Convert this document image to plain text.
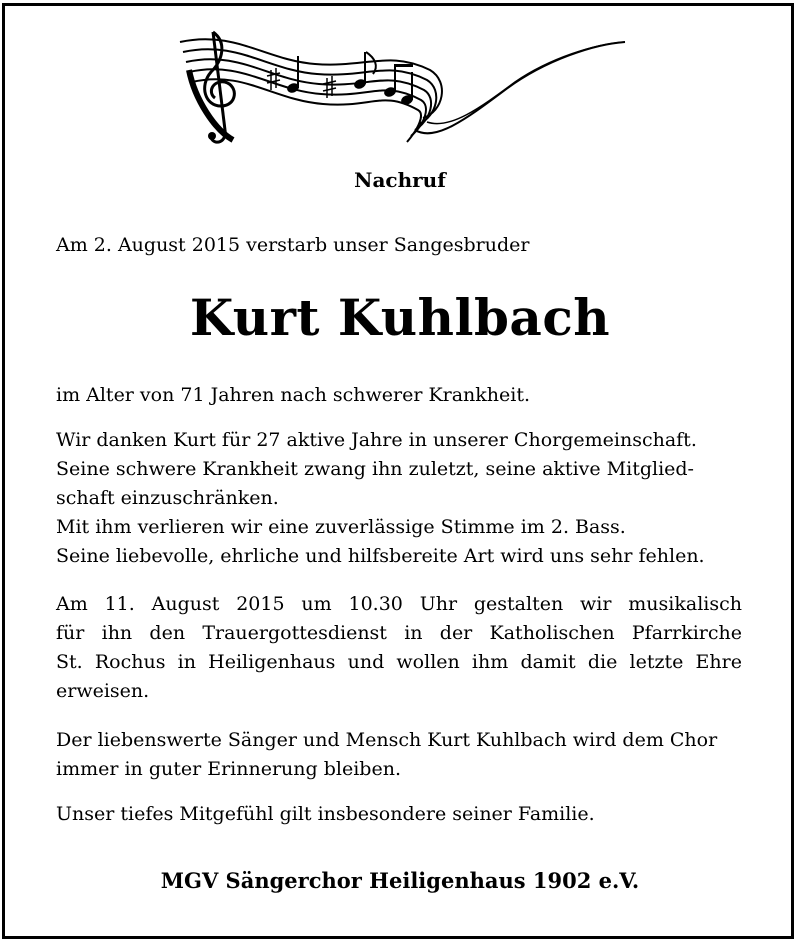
Nachruf
Am 2. August 2015 verstarb unser Sangesbruder
Kurt Kuhlbach
im Alter von 71 Jahren nach schwerer Krankheit.
Wir danken Kurt für 27 aktive Jahre in unserer Chorgemeinschaft.
Seine schwere Krankheit zwang ihn zuletzt, seine aktive Mitglied-
schaft einzuschränken.
Mit ihm verlieren wir eine zuverlässige Stimme im 2. Bass.
Seine liebevolle, ehrliche und hilfsbereite Art wird uns sehr fehlen.
Am 11. August 2015 um 10.30 Uhr gestalten wir musikalisch
für ihn den Trauergottesdienst in der Katholischen Pfarrkirche
St. Rochus in Heiligenhaus und wollen ihm damit die letzte Ehre
erweisen.
Der liebenswerte Sänger und Mensch Kurt Kuhlbach wird dem Chor
immer in guter Erinnerung bleiben.
Unser tiefes Mitgefühl gilt insbesondere seiner Familie.
MGV Sängerchor Heiligenhaus 1902 e.V.
